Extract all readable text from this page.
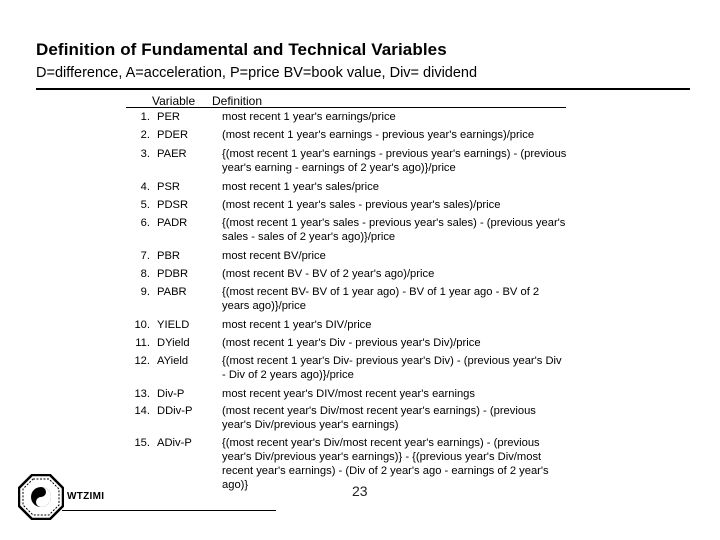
Definition of Fundamental and Technical Variables
D=difference, A=acceleration, P=price BV=book value, Div= dividend
Variable Definition
1. PER	most recent 1 year's earnings/price
2. PDER	(most recent 1 year's earnings - previous year's earnings)/price
3. PAER	{(most recent 1 year's earnings - previous year's earnings) - (previous year's earning - earnings of 2 year's ago)}/price
4. PSR	most recent 1 year's sales/price
5. PDSR	(most recent 1 year's sales - previous year's sales)/price
6. PADR	{(most recent 1 year's sales - previous year's sales) - (previous year's sales - sales of 2 year's ago)}/price
7. PBR	most recent BV/price
8. PDBR	(most recent BV - BV of 2 year's ago)/price
9. PABR	{(most recent BV- BV of 1 year ago) - BV of 1 year ago - BV of 2 years ago)}/price
10. YIELD	most recent 1 year's DIV/price
11. DYield	(most recent 1 year's Div - previous year's Div)/price
12. AYield	{(most recent 1 year's Div- previous year's Div) - (previous year's Div - Div of 2 years ago)}/price
13. Div-P	most recent year's DIV/most recent year's earnings
14. DDiv-P	(most recent year's Div/most recent year's earnings) - (previous year's Div/previous year's earnings)
15. ADiv-P	{(most recent year's Div/most recent year's earnings) - (previous year's Div/previous year's earnings)} - {(previous year's Div/most recent year's earnings) - (Div of 2 year's ago - earnings of 2 year's ago)}
WTZIMI	23
